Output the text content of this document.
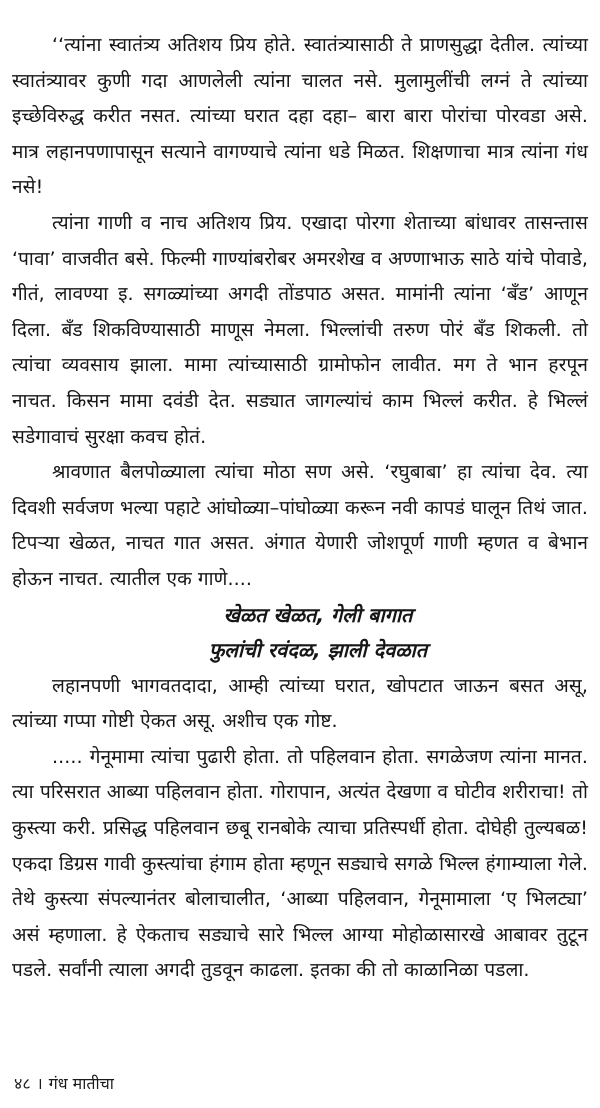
‘‘त्यांना स्वातंत्र्य अतिशय प्रिय होते. स्वातंत्र्यासाठी ते प्राणसुद्धा देतील. त्यांच्या स्वातंत्र्यावर कुणी गदा आणलेली त्यांना चालत नसे. मुलामुलींची लग्नं ते त्यांच्या इच्छेविरुद्ध करीत नसत. त्यांच्या घरात दहा दहा– बारा बारा पोरांचा पोरवडा असे. मात्र लहानपणापासून सत्याने वागण्याचे त्यांना धडे मिळत. शिक्षणाचा मात्र त्यांना गंध नसे!

त्यांना गाणी व नाच अतिशय प्रिय. एखादा पोरगा शेताच्या बांधावर तासन्तास ‘पावा’ वाजवीत बसे. फिल्मी गाण्यांबरोबर अमरशेख व अण्णाभाऊ साठे यांचे पोवाडे, गीतं, लावण्या इ. सगळ्यांच्या अगदी तोंडपाठ असत. मामांनी त्यांना ‘बँड’ आणून दिला. बँड शिकविण्यासाठी माणूस नेमला. भिल्लांची तरुण पोरं बँड शिकली. तो त्यांचा व्यवसाय झाला. मामा त्यांच्यासाठी ग्रामोफोन लावीत. मग ते भान हरपून नाचत. किसन मामा दवंडी देत. सड्यात जागल्यांचं काम भिल्लं करीत. हे भिल्लं सडेगावाचं सुरक्षा कवच होतं.

श्रावणात बैलपोळ्याला त्यांचा मोठा सण असे. ‘रघुबाबा’ हा त्यांचा देव. त्या दिवशी सर्वजण भल्या पहाटे आंघोळ्या–पांघोळ्या करून नवी कापडं घालून तिथं जात. टिपऱ्या खेळत, नाचत गात असत. अंगात येणारी जोशपूर्ण गाणी म्हणत व बेभान होऊन नाचत. त्यातील एक गाणे....

खेळत खेळत, गेली बागात

फुलांची रवंदळ, झाली देवळात

लहानपणी भागवतदादा, आम्ही त्यांच्या घरात, खोपटात जाऊन बसत असू, त्यांच्या गप्पा गोष्टी ऐकत असू. अशीच एक गोष्ट.

..... गेनूमामा त्यांचा पुढारी होता. तो पहिलवान होता. सगळेजण त्यांना मानत. त्या परिसरात आब्या पहिलवान होता. गोरापान, अत्यंत देखणा व घोटीव शरीराचा! तो कुस्त्या करी. प्रसिद्ध पहिलवान छबू रानबोके त्याचा प्रतिस्पर्धी होता. दोघेही तुल्यबळ! एकदा डिग्रस गावी कुस्त्यांचा हंगाम होता म्हणून सड्याचे सगळे भिल्ल हंगाम्याला गेले. तेथे कुस्त्या संपल्यानंतर बोलाचालीत, ‘आब्या पहिलवान, गेनूमामाला ‘ए भिलट्या’ असं म्हणाला. हे ऐकताच सड्याचे सारे भिल्ल आग्या मोहोळासारखे आबावर तुटून पडले. सर्वांनी त्याला अगदी तुडवून काढला. इतका की तो काळानिळा पडला.

४८ । गंध मातीचा
